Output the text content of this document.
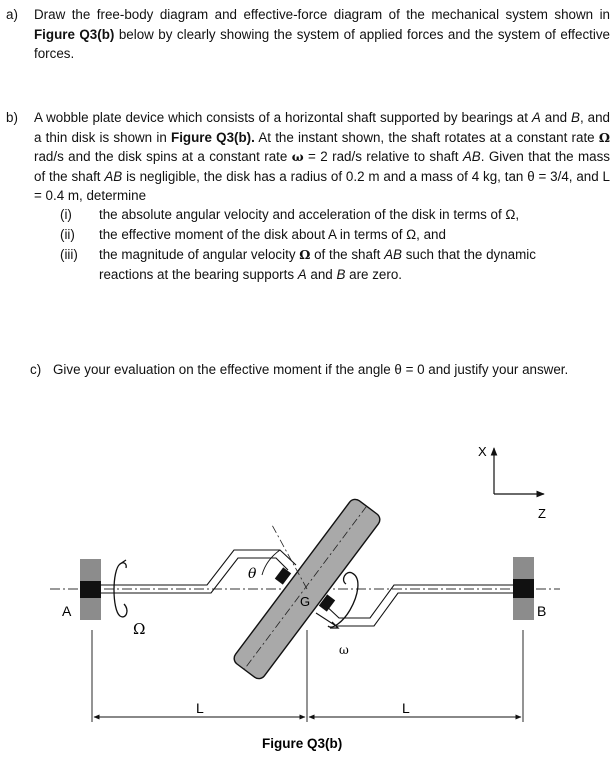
a) Draw the free-body diagram and effective-force diagram of the mechanical system shown in Figure Q3(b) below by clearly showing the system of applied forces and the system of effective forces.
b) A wobble plate device which consists of a horizontal shaft supported by bearings at A and B, and a thin disk is shown in Figure Q3(b). At the instant shown, the shaft rotates at a constant rate Ω rad/s and the disk spins at a constant rate ω = 2 rad/s relative to shaft AB. Given that the mass of the shaft AB is negligible, the disk has a radius of 0.2 m and a mass of 4 kg, tan θ = 3/4, and L = 0.4 m, determine
(i) the absolute angular velocity and acceleration of the disk in terms of Ω,
(ii) the effective moment of the disk about A in terms of Ω, and
(iii) the magnitude of angular velocity Ω of the shaft AB such that the dynamic reactions at the bearing supports A and B are zero.
c) Give your evaluation on the effective moment if the angle θ = 0 and justify your answer.
X
Z
G
θ
A	B
Ω
ω
L	L
Figure Q3(b)
